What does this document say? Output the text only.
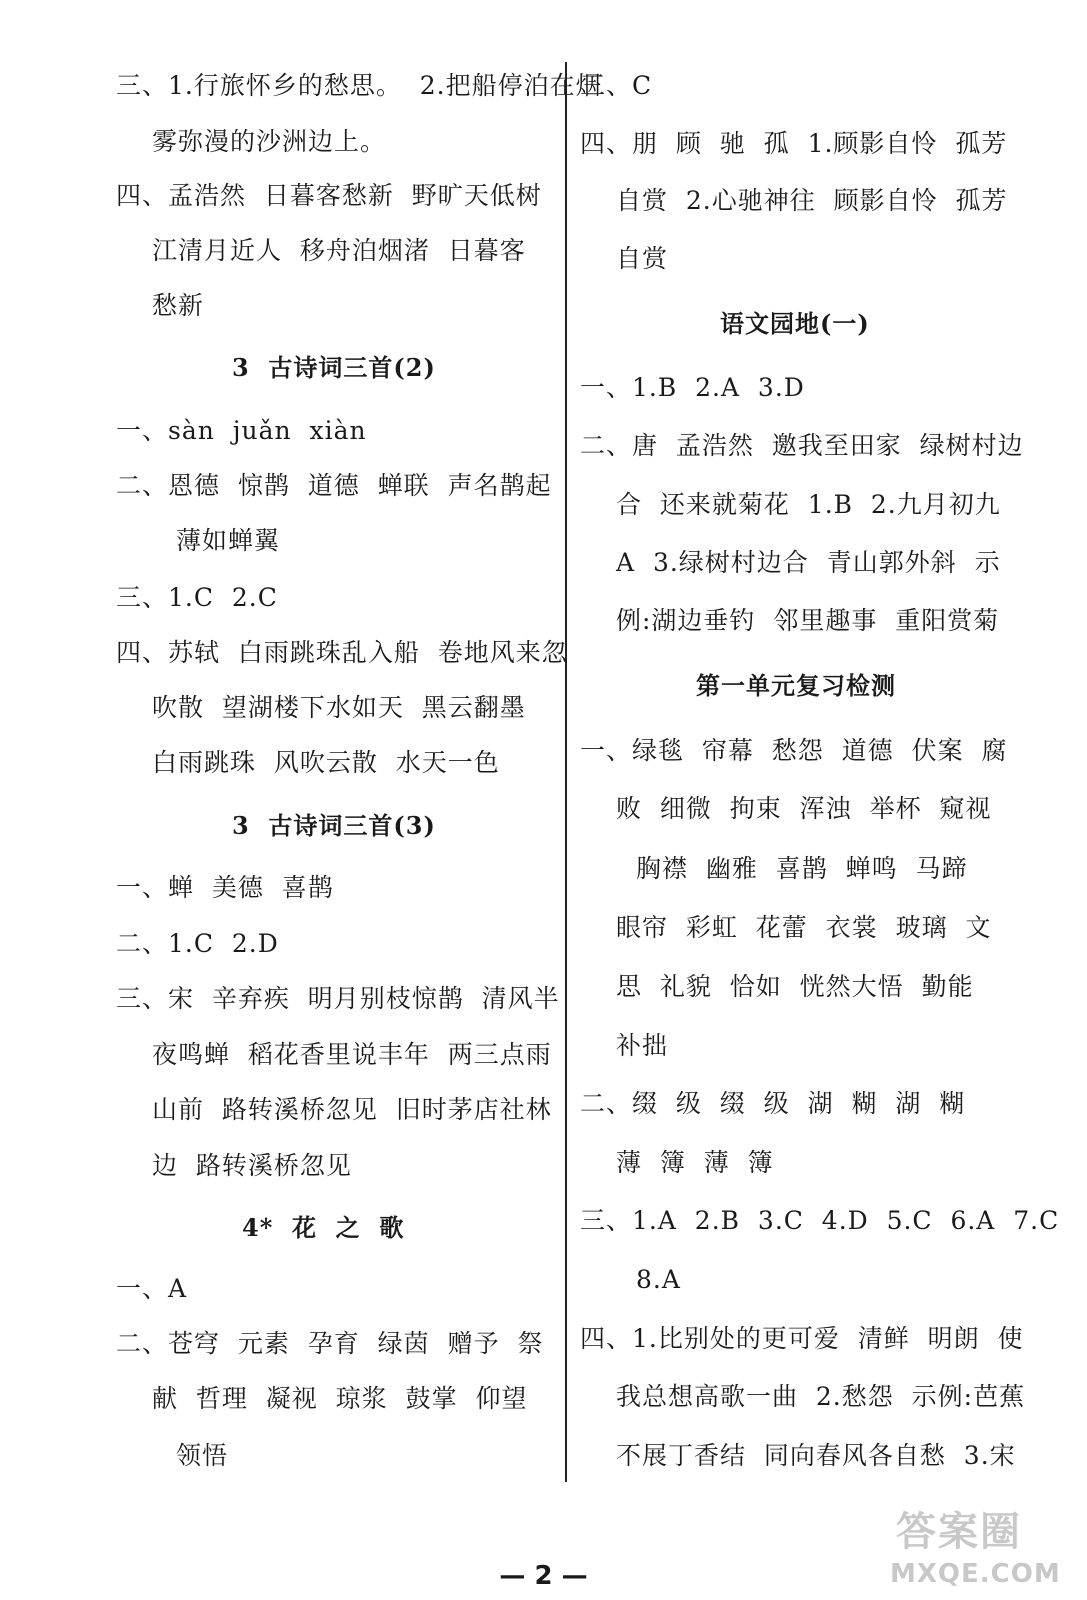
三、1.行旅怀乡的愁思。  2.把船停泊在烟
雾弥漫的沙洲边上。
四、孟浩然  日暮客愁新  野旷天低树
江清月近人  移舟泊烟渚  日暮客
愁新
3  古诗词三首(2)
一、sàn  juǎn  xiàn
二、恩德  惊鹊  道德  蝉联  声名鹊起
薄如蝉翼
三、1.C  2.C
四、苏轼  白雨跳珠乱入船  卷地风来忽
吹散  望湖楼下水如天  黑云翻墨
白雨跳珠  风吹云散  水天一色
3  古诗词三首(3)
一、蝉  美德  喜鹊
二、1.C  2.D
三、宋  辛弃疾  明月别枝惊鹊  清风半
夜鸣蝉  稻花香里说丰年  两三点雨
山前  路转溪桥忽见  旧时茅店社林
边  路转溪桥忽见
4*  花  之  歌
一、A
二、苍穹  元素  孕育  绿茵  赠予  祭
献  哲理  凝视  琼浆  鼓掌  仰望
领悟
三、C
四、朋  顾  驰  孤  1.顾影自怜  孤芳
自赏  2.心驰神往  顾影自怜  孤芳
自赏
语文园地(一)
一、1.B  2.A  3.D
二、唐  孟浩然  邀我至田家  绿树村边
合  还来就菊花  1.B  2.九月初九
A  3.绿树村边合  青山郭外斜  示
例:湖边垂钓  邻里趣事  重阳赏菊
第一单元复习检测
一、绿毯  帘幕  愁怨  道德  伏案  腐
败  细微  拘束  浑浊  举杯  窥视
胸襟  幽雅  喜鹊  蝉鸣  马蹄
眼帘  彩虹  花蕾  衣裳  玻璃  文
思  礼貌  恰如  恍然大悟  勤能
补拙
二、缀  级  缀  级  湖  糊  湖  糊
薄  簿  薄  簿
三、1.A  2.B  3.C  4.D  5.C  6.A  7.C
8.A
四、1.比别处的更可爱  清鲜  明朗  使
我总想高歌一曲  2.愁怨  示例:芭蕉
不展丁香结  同向春风各自愁  3.宋
— 2 —
答案圈
MXQE.COM
